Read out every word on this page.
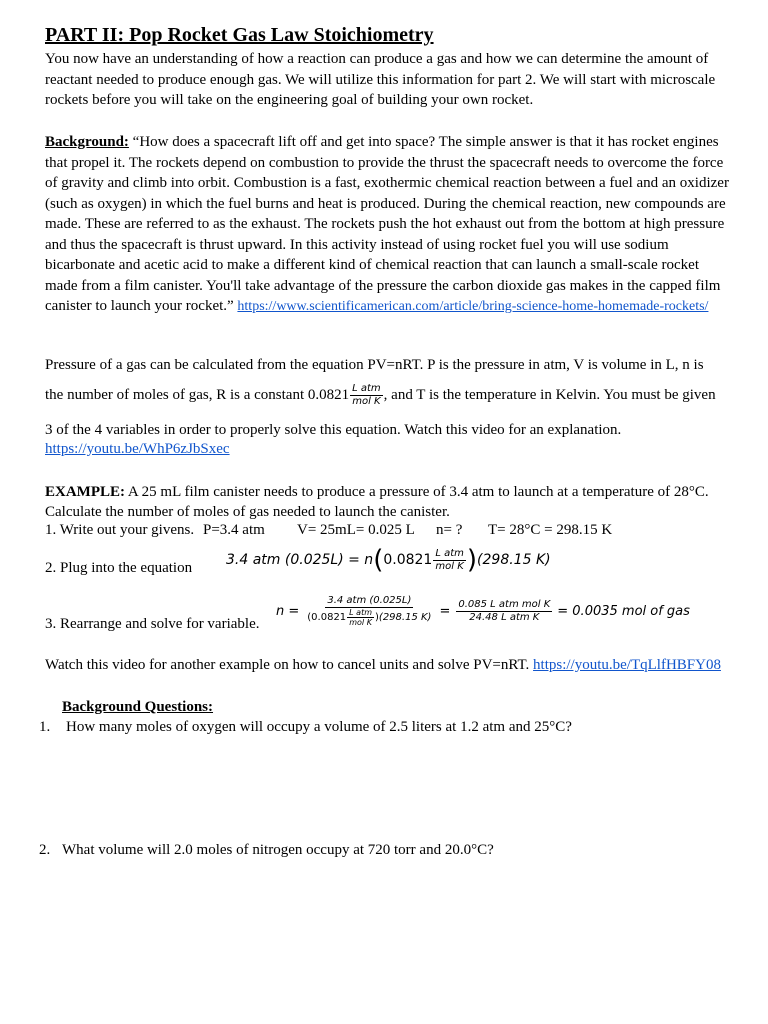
PART II: Pop Rocket Gas Law Stoichiometry

You now have an understanding of how a reaction can produce a gas and how we can determine the amount of reactant needed to produce enough gas. We will utilize this information for part 2. We will start with microscale rockets before you will take on the engineering goal of building your own rocket.

Background: “How does a spacecraft lift off and get into space? The simple answer is that it has rocket engines that propel it. The rockets depend on combustion to provide the thrust the spacecraft needs to overcome the force of gravity and climb into orbit. Combustion is a fast, exothermic chemical reaction between a fuel and an oxidizer (such as oxygen) in which the fuel burns and heat is produced. During the chemical reaction, new compounds are made. These are referred to as the exhaust. The rockets push the hot exhaust out from the bottom at high pressure and thus the spacecraft is thrust upward. In this activity instead of using rocket fuel you will use sodium bicarbonate and acetic acid to make a different kind of chemical reaction that can launch a small-scale rocket made from a film canister. You'll take advantage of the pressure the carbon dioxide gas makes in the capped film canister to launch your rocket.” https://www.scientificamerican.com/article/bring-science-home-homemade-rockets/

Pressure of a gas can be calculated from the equation PV=nRT. P is the pressure in atm, V is volume in L, n is

the number of moles of gas, R is a constant $0.0821 \frac{\text{L atm}}{\text{mol K}}$ , and T is the temperature in Kelvin. You must be given

3 of the 4 variables in order to properly solve this equation. Watch this video for an explanation.

https://youtu.be/WhP6zJbSxec

EXAMPLE: A 25 mL film canister needs to produce a pressure of 3.4 atm to launch at a temperature of 28°C.

Calculate the number of moles of gas needed to launch the canister.

1. Write out your givens. P=3.4 atm V= 25mL= 0.025 L n= ? T= 28°C = 298.15 K

2. Plug into the equation 3.4 atm (0.025L) = n ( $0.0821 \frac{\text{L atm}}{\text{mol K}}$ ) (298.15 K)

3. Rearrange and solve for variable.

n =
3.4 atm (0.025L)
( $0.0821 \frac{\text{L atm}}{\text{mol K}}$ ) (298.15 $K) = \frac{\text{0.085 L atm mol K}}{\text{24.48 L atm K}} = 0.0035$ mol of gas

Watch this video for another example on how to cancel units and solve PV=nRT. https://youtu.be/TqLlfHBFY08

Background Questions:

1. How many moles of oxygen will occupy a volume of 2.5 liters at 1.2 atm and 25°C?
2. What volume will 2.0 moles of nitrogen occupy at 720 torr and 20.0°C?
